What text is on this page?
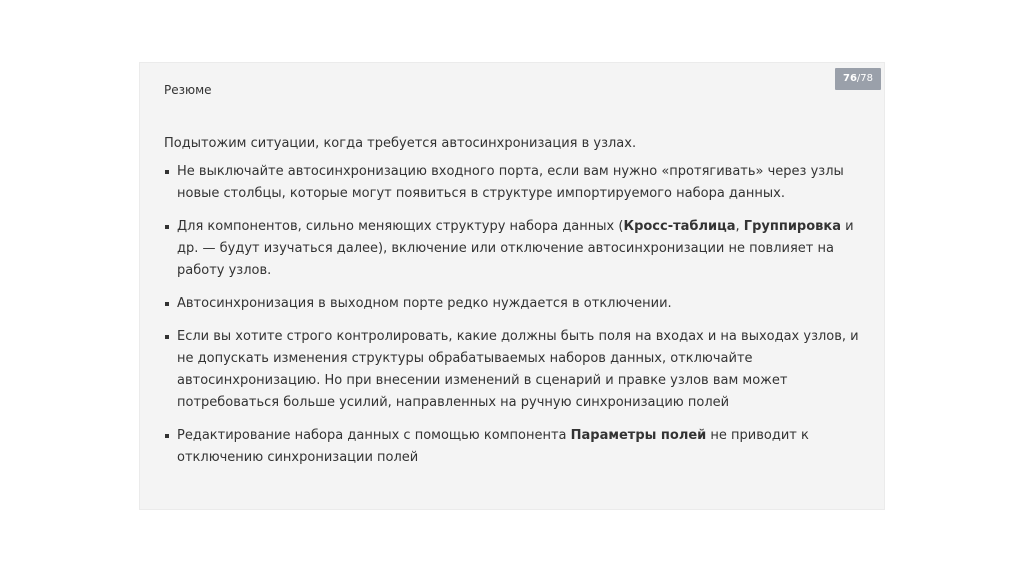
Резюме
76/78

Подытожим ситуации, когда требуется автосинхронизация в узлах.

Не выключайте автосинхронизацию входного порта, если вам нужно «протягивать» через узлы новые столбцы, которые могут появиться в структуре импортируемого набора данных.
Для компонентов, сильно меняющих структуру набора данных (Кросс-таблица, Группировка и др. — будут изучаться далее), включение или отключение автосинхронизации не повлияет на работу узлов.
Автосинхронизация в выходном порте редко нуждается в отключении.
Если вы хотите строго контролировать, какие должны быть поля на входах и на выходах узлов, и не допускать изменения структуры обрабатываемых наборов данных, отключайте автосинхронизацию. Но при внесении изменений в сценарий и правке узлов вам может потребоваться больше усилий, направленных на ручную синхронизацию полей
Редактирование набора данных с помощью компонента Параметры полей не приводит к отключению синхронизации полей
